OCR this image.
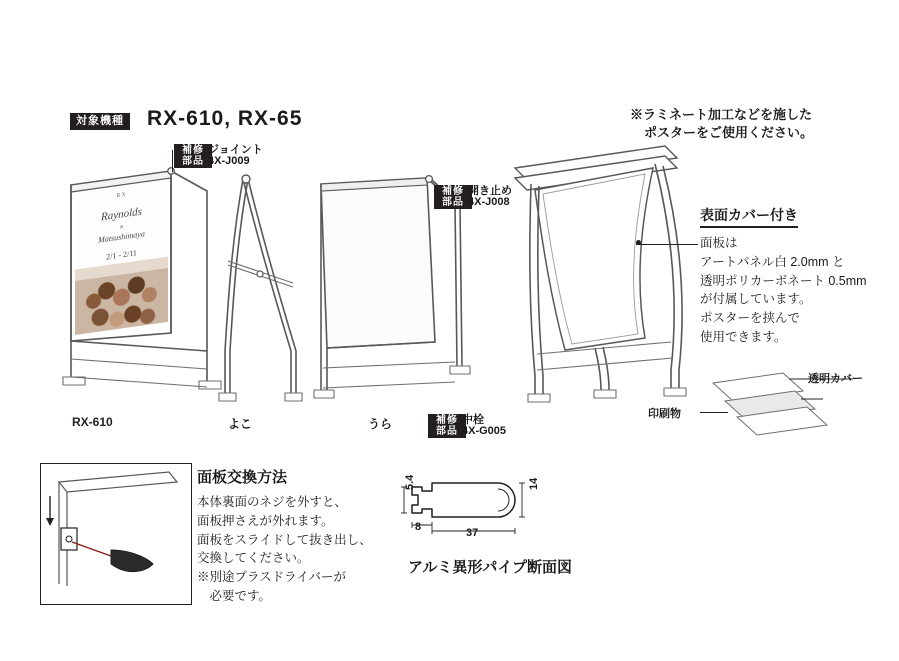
対象機種 RX-610, RX-65	※ラミネート加工などを施した
ポスターをご使用ください。
RX
Raynolds
×
Matsushimaya
2/1 - 2/11
補修
部品
ジョイント
4X-J009
RX-610	よこ
補修
部品
開き止め
4X-J008
うら	補修
部品
中栓
4X-G005
表面カバー付き
面板は
アートパネル白 2.0mm と
透明ポリカーボネート 0.5mm
が付属しています。
ポスターを挟んで
使用できます。
透明カバー
印刷物
面板交換方法
本体裏面のネジを外すと、
面板押さえが外れます。
面板をスライドして抜き出し、
交換してください。
※別途プラスドライバーが
　必要です。
5.4	14
8	37
アルミ異形パイプ断面図
